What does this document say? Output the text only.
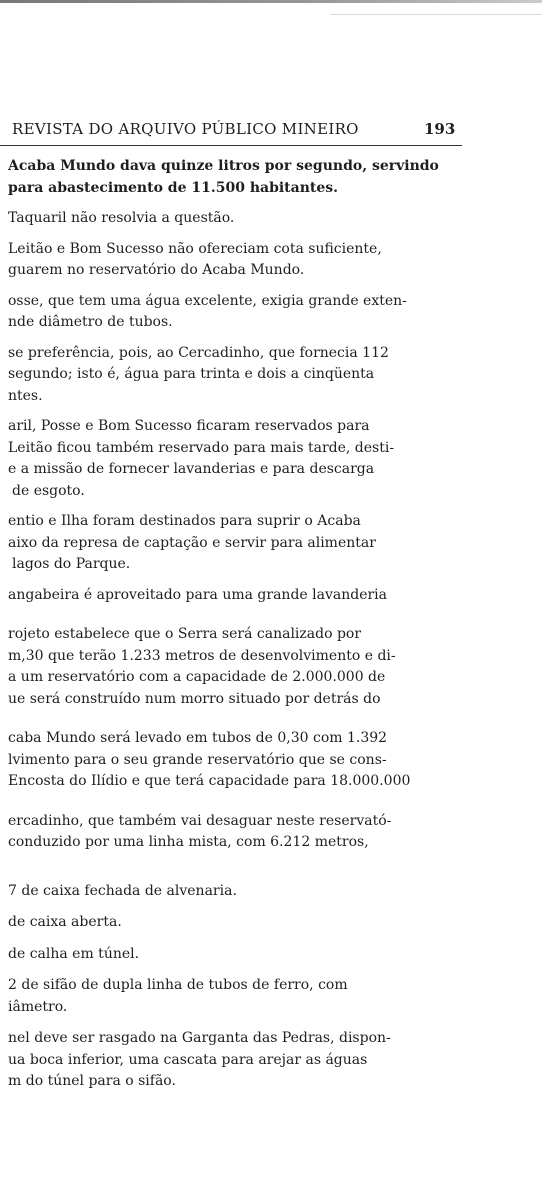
REVISTA DO ARQUIVO PÚBLICO MINEIRO	193
Acaba Mundo dava quinze litros por segundo, servindo
para abastecimento de 11.500 habitantes.
Taquaril não resolvia a questão.
Leitão e Bom Sucesso não ofereciam cota suficiente,
guarem no reservatório do Acaba Mundo.
osse, que tem uma água excelente, exigia grande exten-
nde diâmetro de tubos.
se preferência, pois, ao Cercadinho, que fornecia 112
segundo; isto é, água para trinta e dois a cinqüenta
ntes.
aril, Posse e Bom Sucesso ficaram reservados para
Leitão ficou também reservado para mais tarde, desti-
e a missão de fornecer lavanderias e para descarga
de esgoto.
entio e Ilha foram destinados para suprir o Acaba
aixo da represa de captação e servir para alimentar
lagos do Parque.
angabeira é aproveitado para uma grande lavanderia
rojeto estabelece que o Serra será canalizado por
m,30 que terão 1.233 metros de desenvolvimento e di-
a um reservatório com a capacidade de 2.000.000 de
ue será construído num morro situado por detrás do
caba Mundo será levado em tubos de 0,30 com 1.392
lvimento para o seu grande reservatório que se cons-
Encosta do Ilídio e que terá capacidade para 18.000.000
ercadinho, que também vai desaguar neste reservató-
conduzido por uma linha mista, com 6.212 metros,
7 de caixa fechada de alvenaria.
de caixa aberta.
de calha em túnel.
2 de sifão de dupla linha de tubos de ferro, com
iâmetro.
nel deve ser rasgado na Garganta das Pedras, dispon-
ua boca inferior, uma cascata para arejar as águas
m do túnel para o sifão.
